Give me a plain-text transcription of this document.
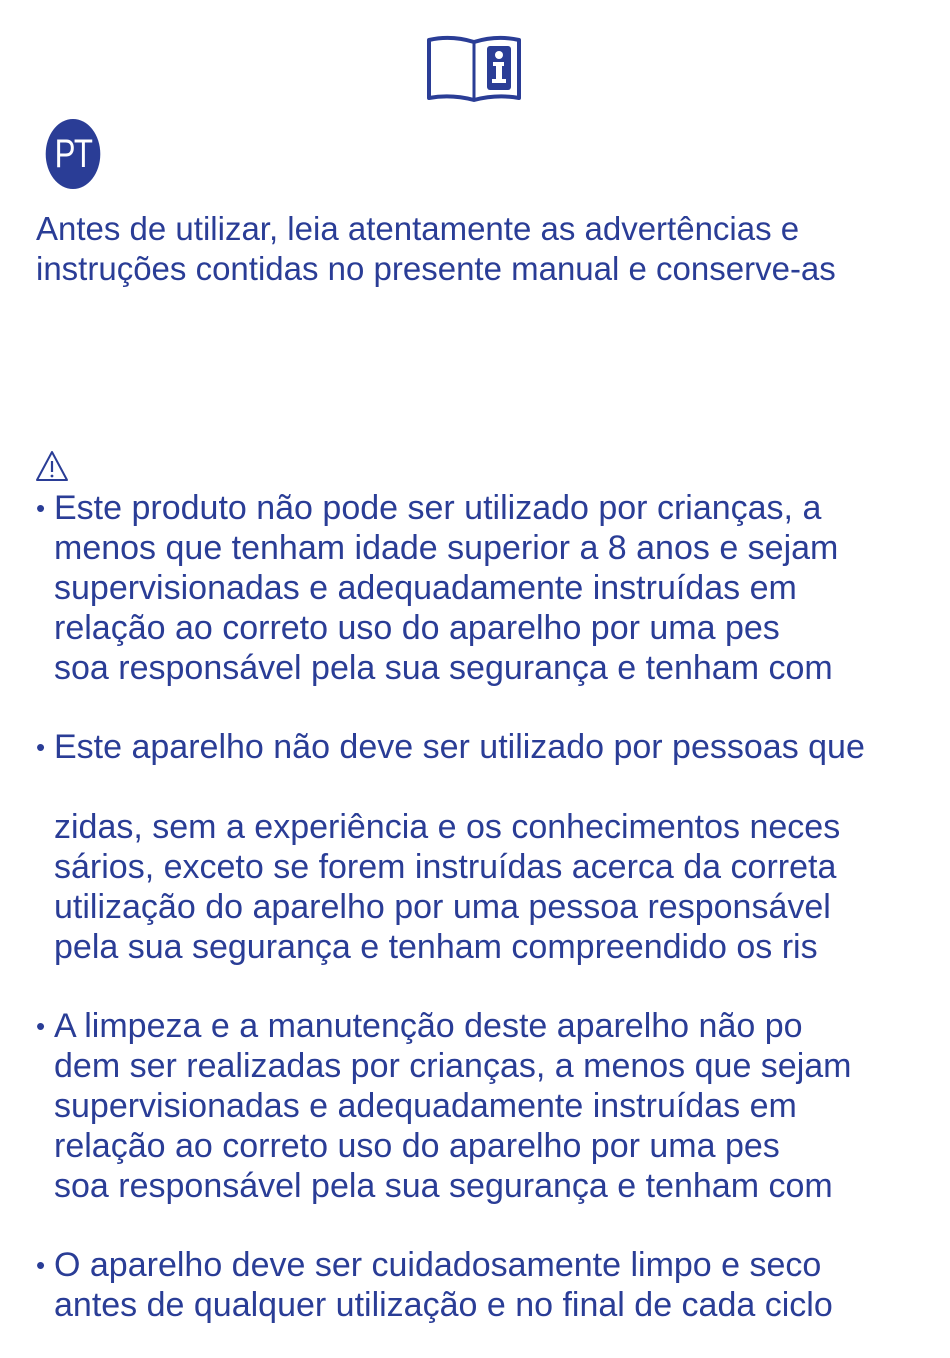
PT
Antes de utilizar, leia atentamente as advertências e
instruções contidas no presente manual e conserve-as
• Este produto não pode ser utilizado por crianças, a
menos que tenham idade superior a 8 anos e sejam
supervisionadas e adequadamente instruídas em
relação ao correto uso do aparelho por uma pes
soa responsável pela sua segurança e tenham com
• Este aparelho não deve ser utilizado por pessoas que
zidas, sem a experiência e os conhecimentos neces
sários, exceto se forem instruídas acerca da correta
utilização do aparelho por uma pessoa responsável
pela sua segurança e tenham compreendido os ris
• A limpeza e a manutenção deste aparelho não po
dem ser realizadas por crianças, a menos que sejam
supervisionadas e adequadamente instruídas em
relação ao correto uso do aparelho por uma pes
soa responsável pela sua segurança e tenham com
• O aparelho deve ser cuidadosamente limpo e seco
antes de qualquer utilização e no final de cada ciclo
